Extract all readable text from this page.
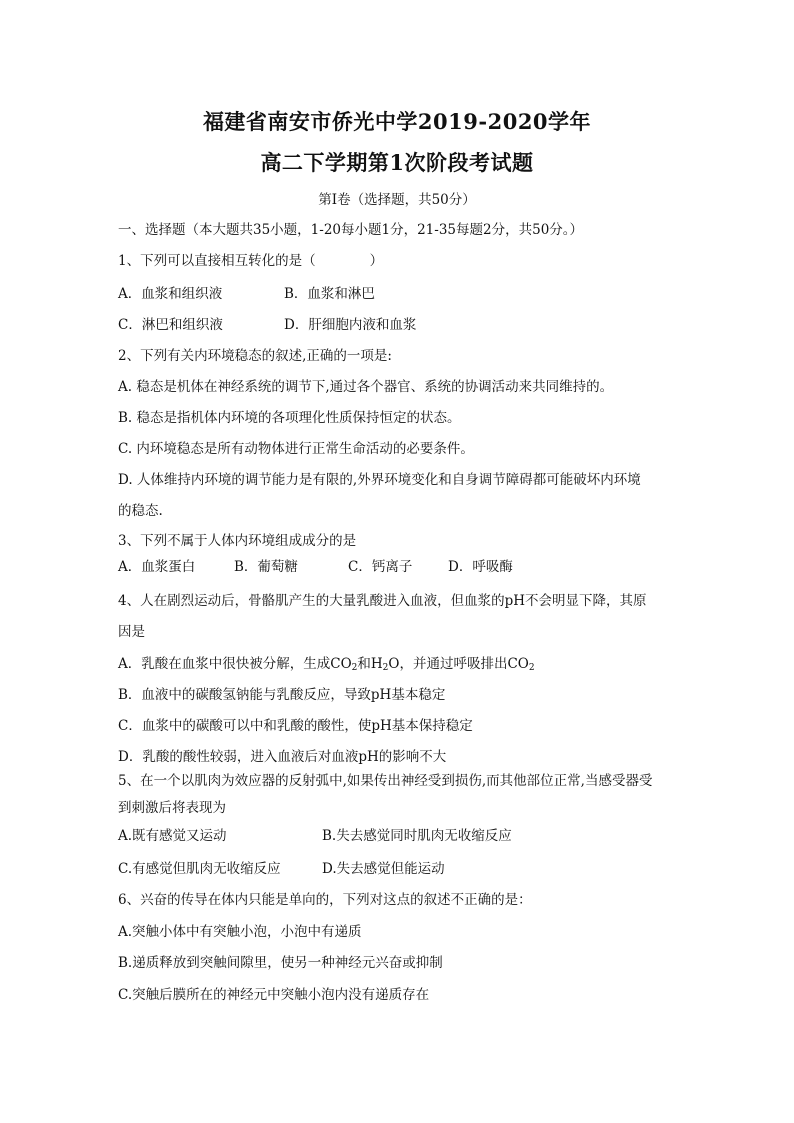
福建省南安市侨光中学2019-2020学年
高二下学期第1次阶段考试题
第Ⅰ卷（选择题，共50分）
一、选择题（本大题共35小题，1-20每小题1分，21-35每题2分，共50分。）
1、下列可以直接相互转化的是（　　　　）
A．血浆和组织液	B．血浆和淋巴
C．淋巴和组织液	D．肝细胞内液和血浆
2、下列有关内环境稳态的叙述,正确的一项是:
A. 稳态是机体在神经系统的调节下,通过各个器官、系统的协调活动来共同维持的。
B. 稳态是指机体内环境的各项理化性质保持恒定的状态。
C. 内环境稳态是所有动物体进行正常生命活动的必要条件。
D. 人体维持内环境的调节能力是有限的,外界环境变化和自身调节障碍都可能破坏内环境
的稳态.
3、下列不属于人体内环境组成成分的是
A．血浆蛋白	B．葡萄糖	C．钙离子	D．呼吸酶
4、人在剧烈运动后，骨骼肌产生的大量乳酸进入血液，但血浆的pH不会明显下降，其原
因是
A．乳酸在血浆中很快被分解，生成$CO_2$和$H_2O$，并通过呼吸排出$CO_2$
B．血液中的碳酸氢钠能与乳酸反应，导致pH基本稳定
C．血浆中的碳酸可以中和乳酸的酸性，使pH基本保持稳定
D．乳酸的酸性较弱，进入血液后对血液pH的影响不大
5、在一个以肌肉为效应器的反射弧中,如果传出神经受到损伤,而其他部位正常,当感受器受
到刺激后将表现为
A.既有感觉又运动	B.失去感觉同时肌肉无收缩反应
C.有感觉但肌肉无收缩反应	D.失去感觉但能运动
6、兴奋的传导在体内只能是单向的，下列对这点的叙述不正确的是：
A.突触小体中有突触小泡，小泡中有递质
B.递质释放到突触间隙里，使另一种神经元兴奋或抑制
C.突触后膜所在的神经元中突触小泡内没有递质存在
